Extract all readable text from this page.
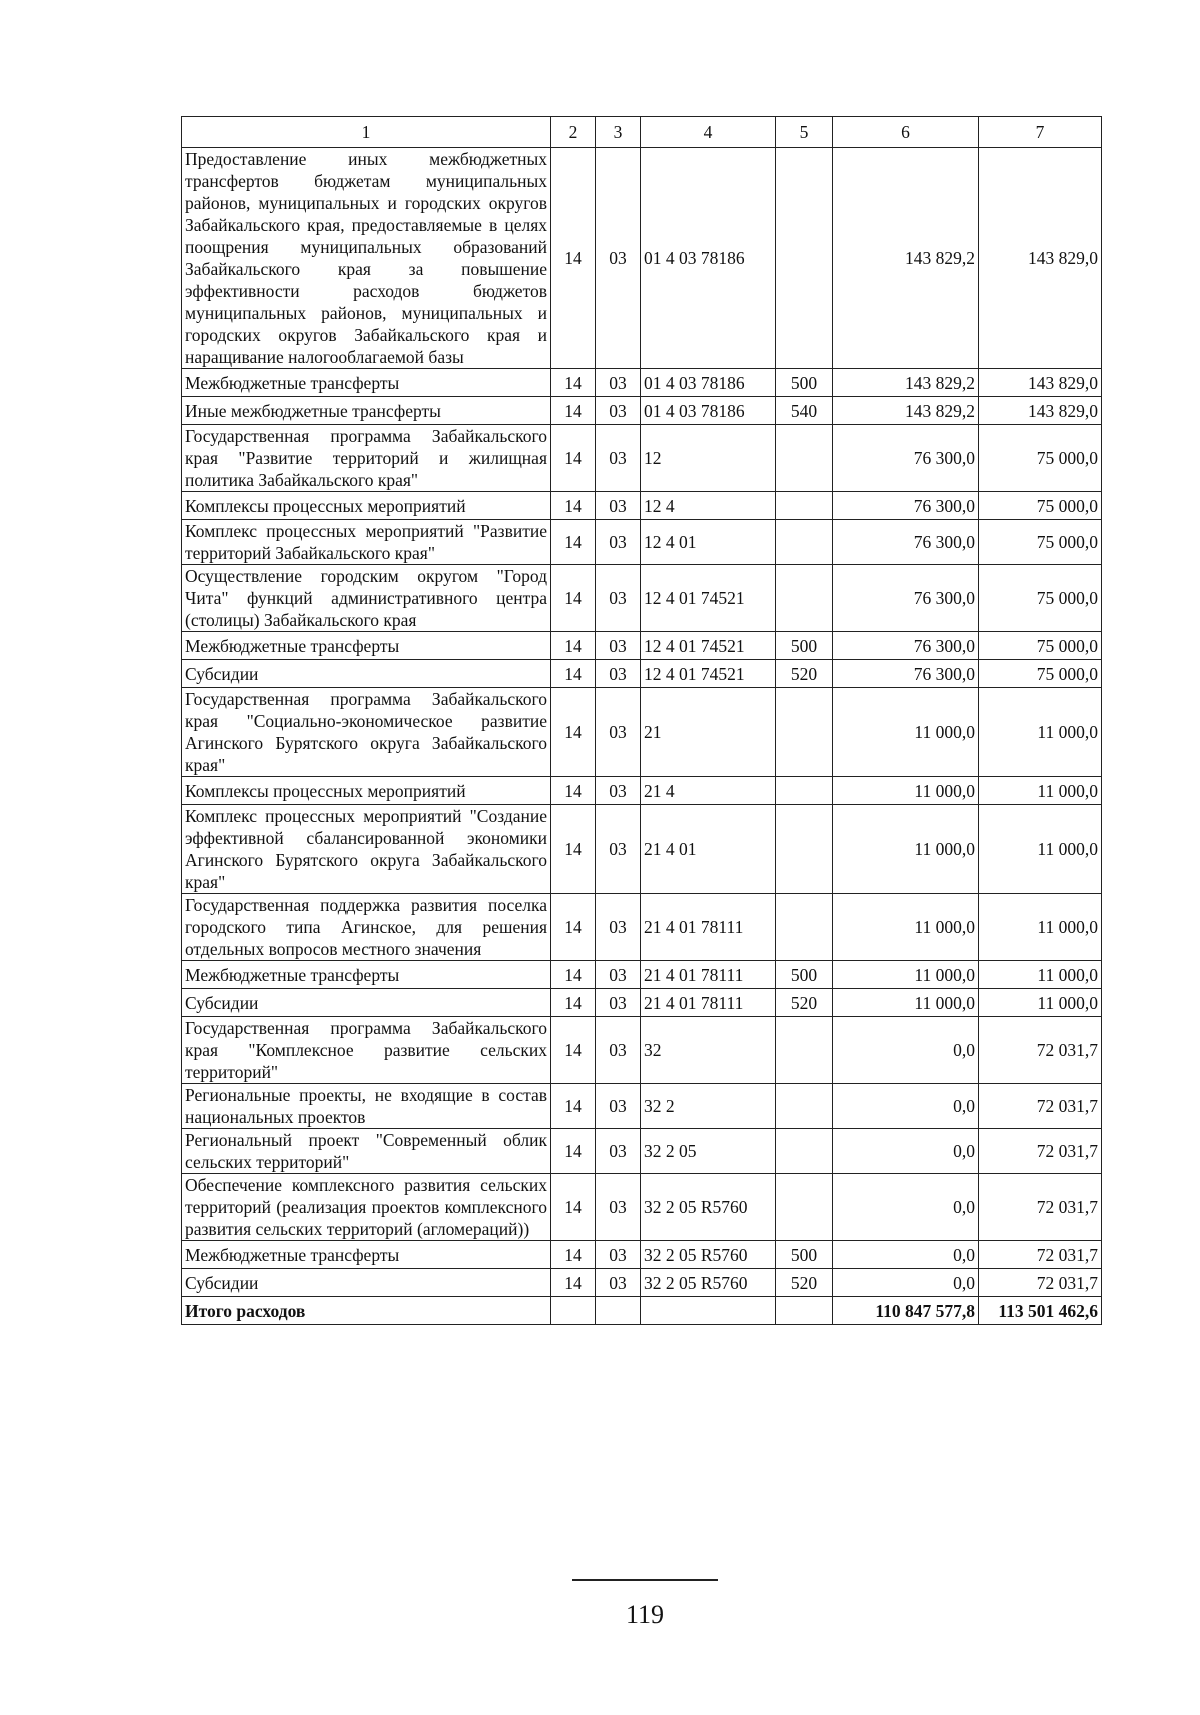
1	2	3	4	5	6	7
Предоставление иных межбюджетных трансфертов бюджетам муниципальных районов, муниципальных и городских округов Забайкальского края, предоставляемые в целях поощрения муниципальных образований Забайкальского края за повышение эффективности расходов бюджетов муниципальных районов, муниципальных и городских округов Забайкальского края и наращивание налогооблагаемой базы	14	03	01 4 03 78186		143 829,2	143 829,0
Межбюджетные трансферты	14	03	01 4 03 78186	500	143 829,2	143 829,0
Иные межбюджетные трансферты	14	03	01 4 03 78186	540	143 829,2	143 829,0
Государственная программа Забайкальского края "Развитие территорий и жилищная политика Забайкальского края"	14	03	12		76 300,0	75 000,0
Комплексы процессных мероприятий	14	03	12 4		76 300,0	75 000,0
Комплекс процессных мероприятий "Развитие территорий Забайкальского края"	14	03	12 4 01		76 300,0	75 000,0
Осуществление городским округом "Город Чита" функций административного центра (столицы) Забайкальского края	14	03	12 4 01 74521		76 300,0	75 000,0
Межбюджетные трансферты	14	03	12 4 01 74521	500	76 300,0	75 000,0
Субсидии	14	03	12 4 01 74521	520	76 300,0	75 000,0
Государственная программа Забайкальского края "Социально-экономическое развитие Агинского Бурятского округа Забайкальского края"	14	03	21		11 000,0	11 000,0
Комплексы процессных мероприятий	14	03	21 4		11 000,0	11 000,0
Комплекс процессных мероприятий "Создание эффективной сбалансированной экономики Агинского Бурятского округа Забайкальского края"	14	03	21 4 01		11 000,0	11 000,0
Государственная поддержка развития поселка городского типа Агинское, для решения отдельных вопросов местного значения	14	03	21 4 01 78111		11 000,0	11 000,0
Межбюджетные трансферты	14	03	21 4 01 78111	500	11 000,0	11 000,0
Субсидии	14	03	21 4 01 78111	520	11 000,0	11 000,0
Государственная программа Забайкальского края "Комплексное развитие сельских территорий"	14	03	32		0,0	72 031,7
Региональные проекты, не входящие в состав национальных проектов	14	03	32 2		0,0	72 031,7
Региональный проект "Современный облик сельских территорий"	14	03	32 2 05		0,0	72 031,7
Обеспечение комплексного развития сельских территорий (реализация проектов комплексного развития сельских территорий (агломераций))	14	03	32 2 05 R5760		0,0	72 031,7
Межбюджетные трансферты	14	03	32 2 05 R5760	500	0,0	72 031,7
Субсидии	14	03	32 2 05 R5760	520	0,0	72 031,7
Итого расходов					110 847 577,8	113 501 462,6
119
